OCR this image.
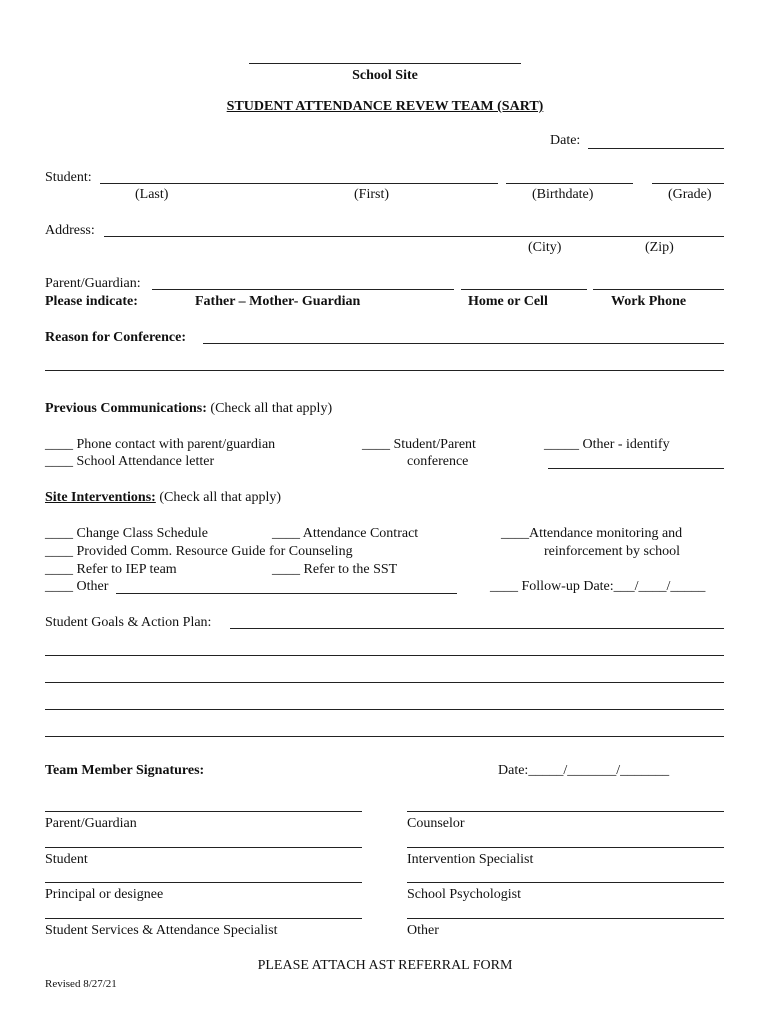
School Site
STUDENT ATTENDANCE REVEW TEAM (SART)
Date:
Student:
(Last)	(First)	(Birthdate)	(Grade)
Address:
(City)	(Zip)
Parent/Guardian:
Please indicate:	Father – Mother- Guardian	Home or Cell	Work Phone
Reason for Conference:
Previous Communications: (Check all that apply)
____ Phone contact with parent/guardian
____ School Attendance letter
____ Student/Parent
conference
_____ Other - identify
Site Interventions: (Check all that apply)
____ Change Class Schedule	____ Attendance Contract	____Attendance monitoring and
reinforcement by school
____ Provided Comm. Resource Guide for Counseling
____ Refer to IEP team	____ Refer to the SST
____ Other	____ Follow-up Date:___/____/_____
Student Goals & Action Plan:
Team Member Signatures:	Date:_____/_______/_______
Parent/Guardian	Counselor
Student	Intervention Specialist
Principal or designee	School Psychologist
Student Services & Attendance Specialist	Other
PLEASE ATTACH AST REFERRAL FORM
Revised 8/27/21
